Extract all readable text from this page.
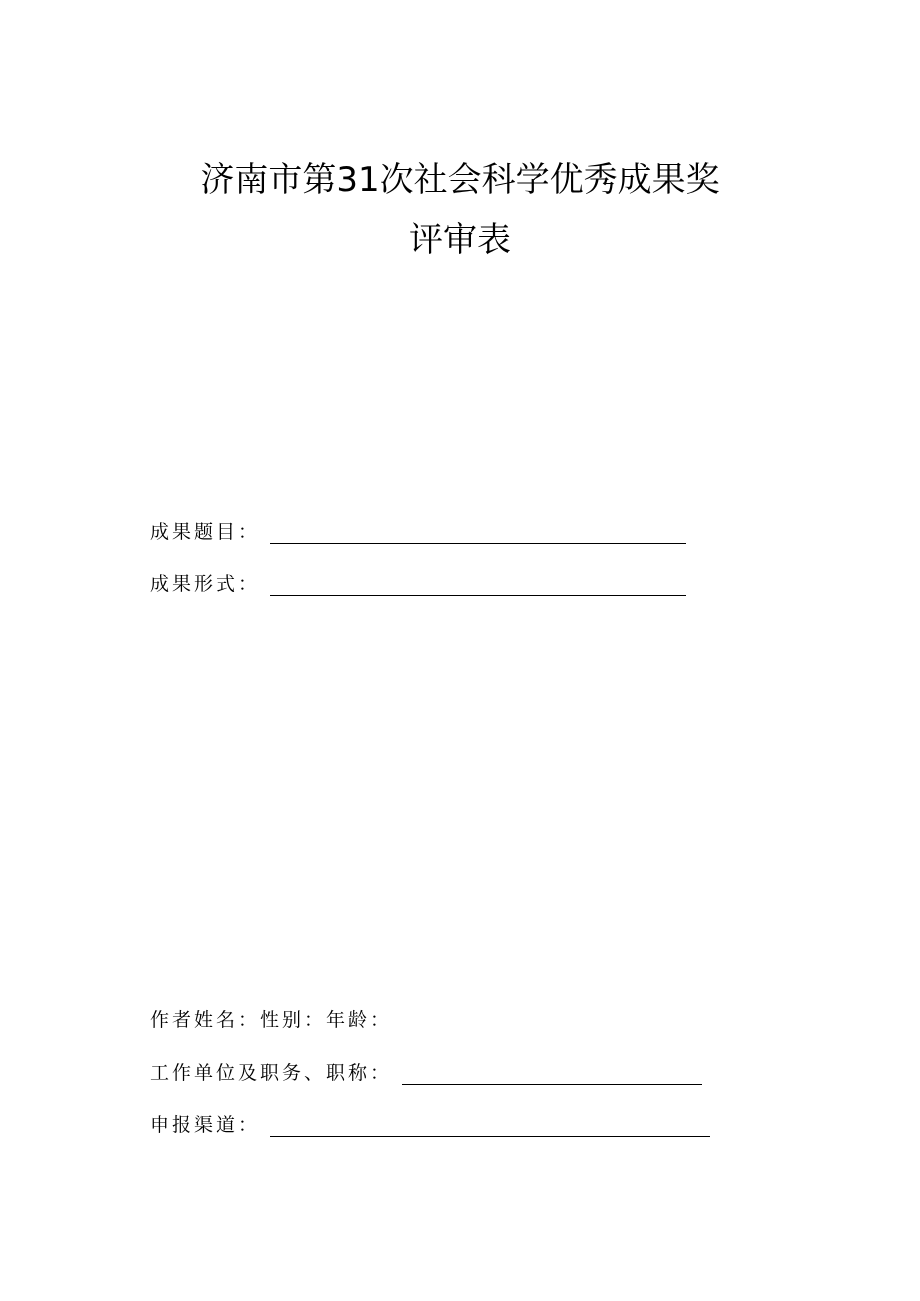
济南市第31次社会科学优秀成果奖
评审表
成果题目：
成果形式：
作者姓名：性别：年龄：
工作单位及职务、职称：
申报渠道：
